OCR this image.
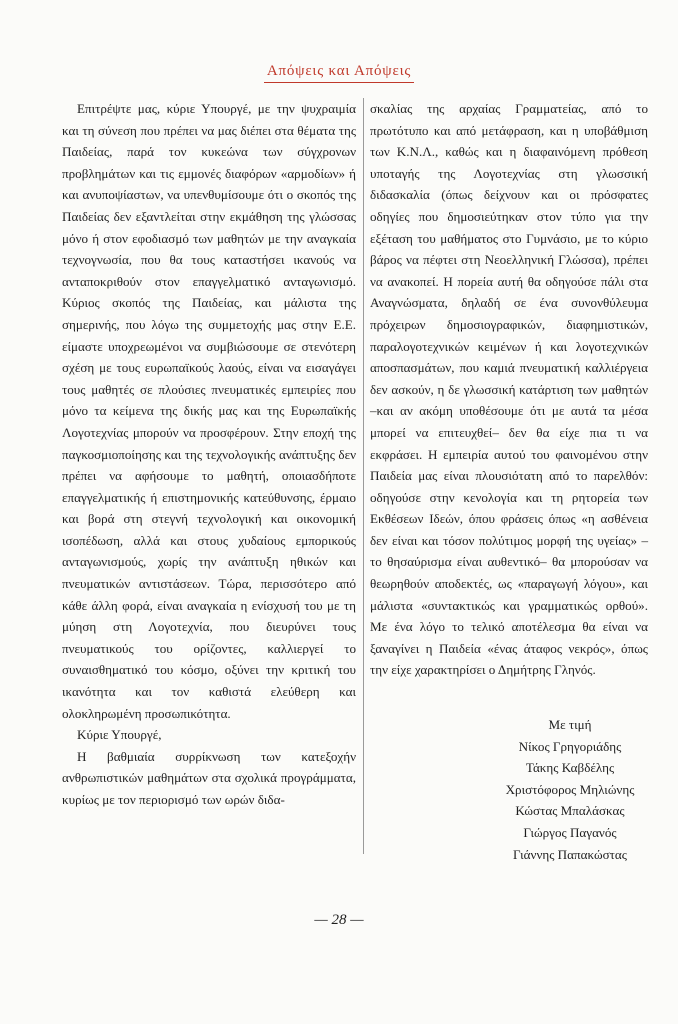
Απόψεις και Απόψεις

Επιτρέψτε μας, κύριε Υπουργέ, με την ψυχραιμία και τη σύνεση που πρέπει να μας διέπει στα θέματα της Παιδείας, παρά τον κυκεώνα των σύγχρονων προβλημάτων και τις εμμονές διαφόρων «αρμοδίων» ή και ανυποψίαστων, να υπενθυμίσουμε ότι ο σκοπός της Παιδείας δεν εξαντλείται στην εκμάθηση της γλώσσας μόνο ή στον εφοδιασμό των μαθητών με την αναγκαία τεχνογνωσία, που θα τους καταστήσει ικανούς να ανταποκριθούν στον επαγγελματικό ανταγωνισμό. Κύριος σκοπός της Παιδείας, και μάλιστα της σημερινής, που λόγω της συμμετοχής μας στην Ε.Ε. είμαστε υποχρεωμένοι να συμβιώσουμε σε στενότερη σχέση με τους ευρωπαϊκούς λαούς, είναι να εισαγάγει τους μαθητές σε πλούσιες πνευματικές εμπειρίες που μόνο τα κείμενα της δικής μας και της Ευρωπαϊκής Λογοτεχνίας μπορούν να προσφέρουν. Στην εποχή της παγκοσμιοποίησης και της τεχνολογικής ανάπτυξης δεν πρέπει να αφήσουμε το μαθητή, οποιασδήποτε επαγγελματικής ή επιστημονικής κατεύθυνσης, έρμαιο και βορά στη στεγνή τεχνολογική και οικονομική ισοπέδωση, αλλά και στους χυδαίους εμπορικούς ανταγωνισμούς, χωρίς την ανάπτυξη ηθικών και πνευματικών αντιστάσεων. Τώρα, περισσότερο από κάθε άλλη φορά, είναι αναγκαία η ενίσχυσή του με τη μύηση στη Λογοτεχνία, που διευρύνει τους πνευματικούς του ορίζοντες, καλλιεργεί το συναισθηματικό του κόσμο, οξύνει την κριτική του ικανότητα και τον καθιστά ελεύθερη και ολοκληρωμένη προσωπικότητα.

Κύριε Υπουργέ,

Η βαθμιαία συρρίκνωση των κατεξοχήν ανθρωπιστικών μαθημάτων στα σχολικά προγράμματα, κυρίως με τον περιορισμό των ωρών διδα-

σκαλίας της αρχαίας Γραμματείας, από το πρωτότυπο και από μετάφραση, και η υποβάθμιση των Κ.Ν.Λ., καθώς και η διαφαινόμενη πρόθεση υποταγής της Λογοτεχνίας στη γλωσσική διδασκαλία (όπως δείχνουν και οι πρόσφατες οδηγίες που δημοσιεύτηκαν στον τύπο για την εξέταση του μαθήματος στο Γυμνάσιο, με το κύριο βάρος να πέφτει στη Νεοελληνική Γλώσσα), πρέπει να ανακοπεί. Η πορεία αυτή θα οδηγούσε πάλι στα Αναγνώσματα, δηλαδή σε ένα συνονθύλευμα πρόχειρων δημοσιογραφικών, διαφημιστικών, παραλογοτεχνικών κειμένων ή και λογοτεχνικών αποσπασμάτων, που καμιά πνευματική καλλιέργεια δεν ασκούν, η δε γλωσσική κατάρτιση των μαθητών –και αν ακόμη υποθέσουμε ότι με αυτά τα μέσα μπορεί να επιτευχθεί– δεν θα είχε πια τι να εκφράσει. Η εμπειρία αυτού του φαινομένου στην Παιδεία μας είναι πλουσιότατη από το παρελθόν: οδηγούσε στην κενολογία και τη ρητορεία των Εκθέσεων Ιδεών, όπου φράσεις όπως «η ασθένεια δεν είναι και τόσον πολύτιμος μορφή της υγείας» –το θησαύρισμα είναι αυθεντικό– θα μπορούσαν να θεωρηθούν αποδεκτές, ως «παραγωγή λόγου», και μάλιστα «συντακτικώς και γραμματικώς ορθού». Με ένα λόγο το τελικό αποτέλεσμα θα είναι να ξαναγίνει η Παιδεία «ένας άταφος νεκρός», όπως την είχε χαρακτηρίσει ο Δημήτρης Γληνός.

Με τιμή
Νίκος Γρηγοριάδης
Τάκης Καβδέλης
Χριστόφορος Μηλιώνης
Κώστας Μπαλάσκας
Γιώργος Παγανός
Γιάννης Παπακώστας
— 28 —
